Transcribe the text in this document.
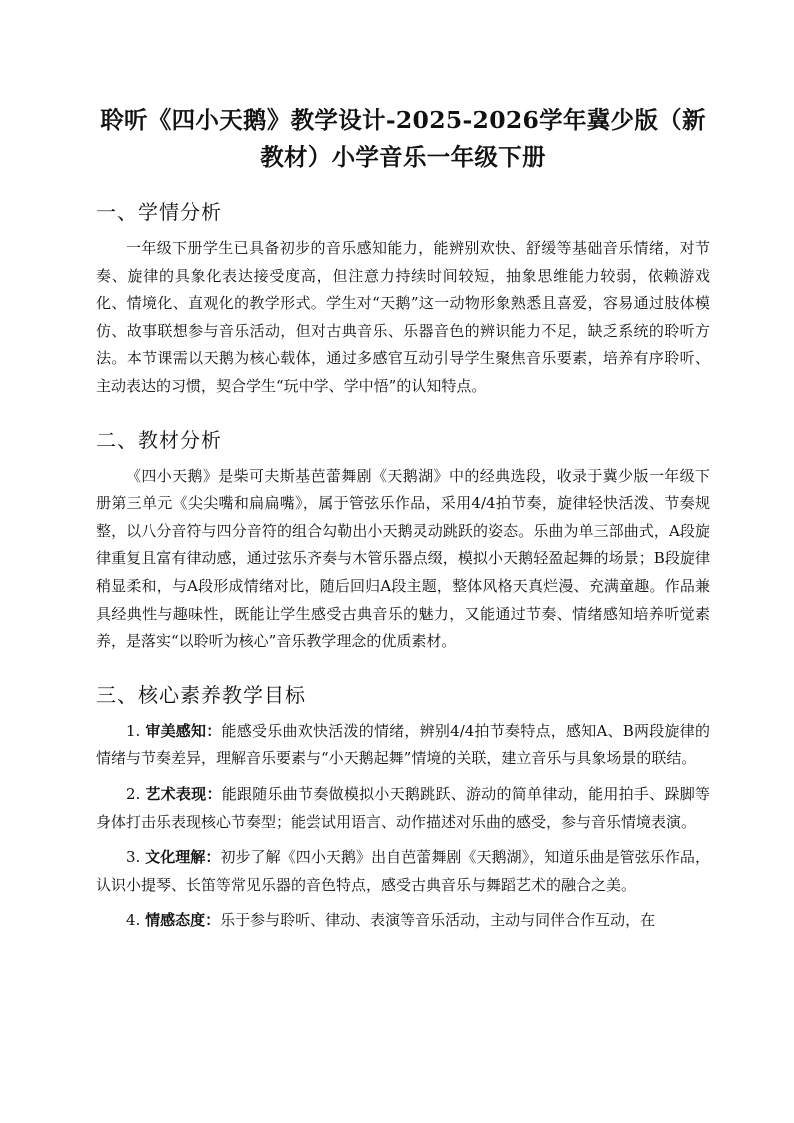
聆听《四小天鹅》教学设计-2025-2026学年冀少版（新教材）小学音乐一年级下册
一、学情分析

一年级下册学生已具备初步的音乐感知能力，能辨别欢快、舒缓等基础音乐情绪，对节奏、旋律的具象化表达接受度高，但注意力持续时间较短，抽象思维能力较弱，依赖游戏化、情境化、直观化的教学形式。学生对“天鹅”这一动物形象熟悉且喜爱，容易通过肢体模仿、故事联想参与音乐活动，但对古典音乐、乐器音色的辨识能力不足，缺乏系统的聆听方法。本节课需以天鹅为核心载体，通过多感官互动引导学生聚焦音乐要素，培养有序聆听、主动表达的习惯，契合学生“玩中学、学中悟”的认知特点。

二、教材分析

《四小天鹅》是柴可夫斯基芭蕾舞剧《天鹅湖》中的经典选段，收录于冀少版一年级下册第三单元《尖尖嘴和扁扁嘴》，属于管弦乐作品，采用4/4拍节奏，旋律轻快活泼、节奏规整，以八分音符与四分音符的组合勾勒出小天鹅灵动跳跃的姿态。乐曲为单三部曲式，A段旋律重复且富有律动感，通过弦乐齐奏与木管乐器点缀，模拟小天鹅轻盈起舞的场景；B段旋律稍显柔和，与A段形成情绪对比，随后回归A段主题，整体风格天真烂漫、充满童趣。作品兼具经典性与趣味性，既能让学生感受古典音乐的魅力，又能通过节奏、情绪感知培养听觉素养，是落实“以聆听为核心”音乐教学理念的优质素材。

三、核心素养教学目标

1. 审美感知：能感受乐曲欢快活泼的情绪，辨别4/4拍节奏特点，感知A、B两段旋律的情绪与节奏差异，理解音乐要素与“小天鹅起舞”情境的关联，建立音乐与具象场景的联结。

2. 艺术表现：能跟随乐曲节奏做模拟小天鹅跳跃、游动的简单律动，能用拍手、跺脚等身体打击乐表现核心节奏型；能尝试用语言、动作描述对乐曲的感受，参与音乐情境表演。

3. 文化理解：初步了解《四小天鹅》出自芭蕾舞剧《天鹅湖》，知道乐曲是管弦乐作品，认识小提琴、长笛等常见乐器的音色特点，感受古典音乐与舞蹈艺术的融合之美。

4. 情感态度：乐于参与聆听、律动、表演等音乐活动，主动与同伴合作互动，在
